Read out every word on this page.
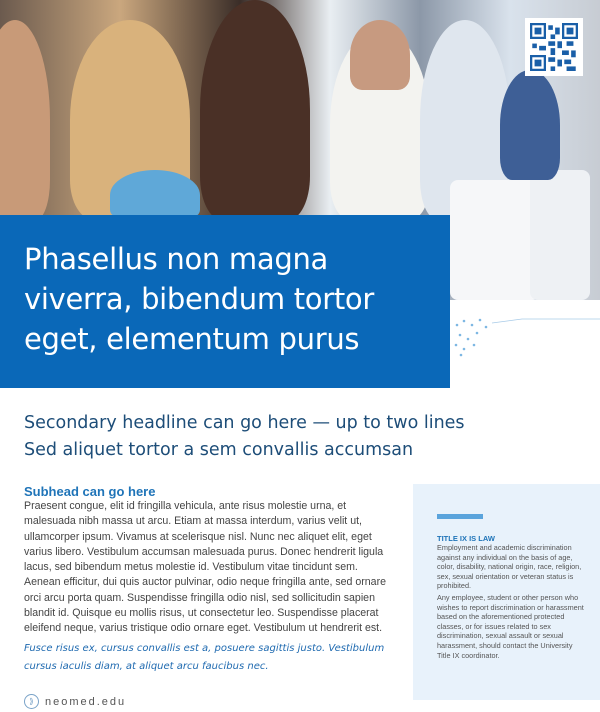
Phasellus non magna
viverra, bibendum tortor
eget, elementum purus
Secondary headline can go here — up to two lines
Sed aliquet tortor a sem convallis accumsan
Subhead can go here
Praesent congue, elit id fringilla vehicula, ante risus molestie urna, et malesuada nibh massa ut arcu. Etiam at massa interdum, varius velit ut, ullamcorper ipsum. Vivamus at scelerisque nisl. Nunc nec aliquet elit, eget varius libero. Vestibulum accumsan malesuada purus. Donec hendrerit ligula lacus, sed bibendum metus molestie id. Vestibulum vitae tincidunt sem. Aenean efficitur, dui quis auctor pulvinar, odio neque fringilla ante, sed ornare orci arcu porta quam. Suspendisse fringilla odio nisl, sed sollicitudin sapien blandit id. Quisque eu mollis risus, ut consectetur leo. Suspendisse placerat eleifend neque, varius tristique odio ornare eget. Vestibulum ut hendrerit est.
Fusce risus ex, cursus convallis est a, posuere sagittis justo. Vestibulum cursus iaculis diam, at aliquet arcu faucibus nec.
⟫	neomed.edu
TITLE IX IS LAW
Employment and academic discrimination against any individual on the basis of age, color, disability, national origin, race, religion, sex, sexual orientation or veteran status is prohibited.
Any employee, student or other person who wishes to report discrimination or harassment based on the aforementioned protected classes, or for issues related to sex discrimination, sexual assault or sexual harassment, should contact the University Title IX coordinator.
